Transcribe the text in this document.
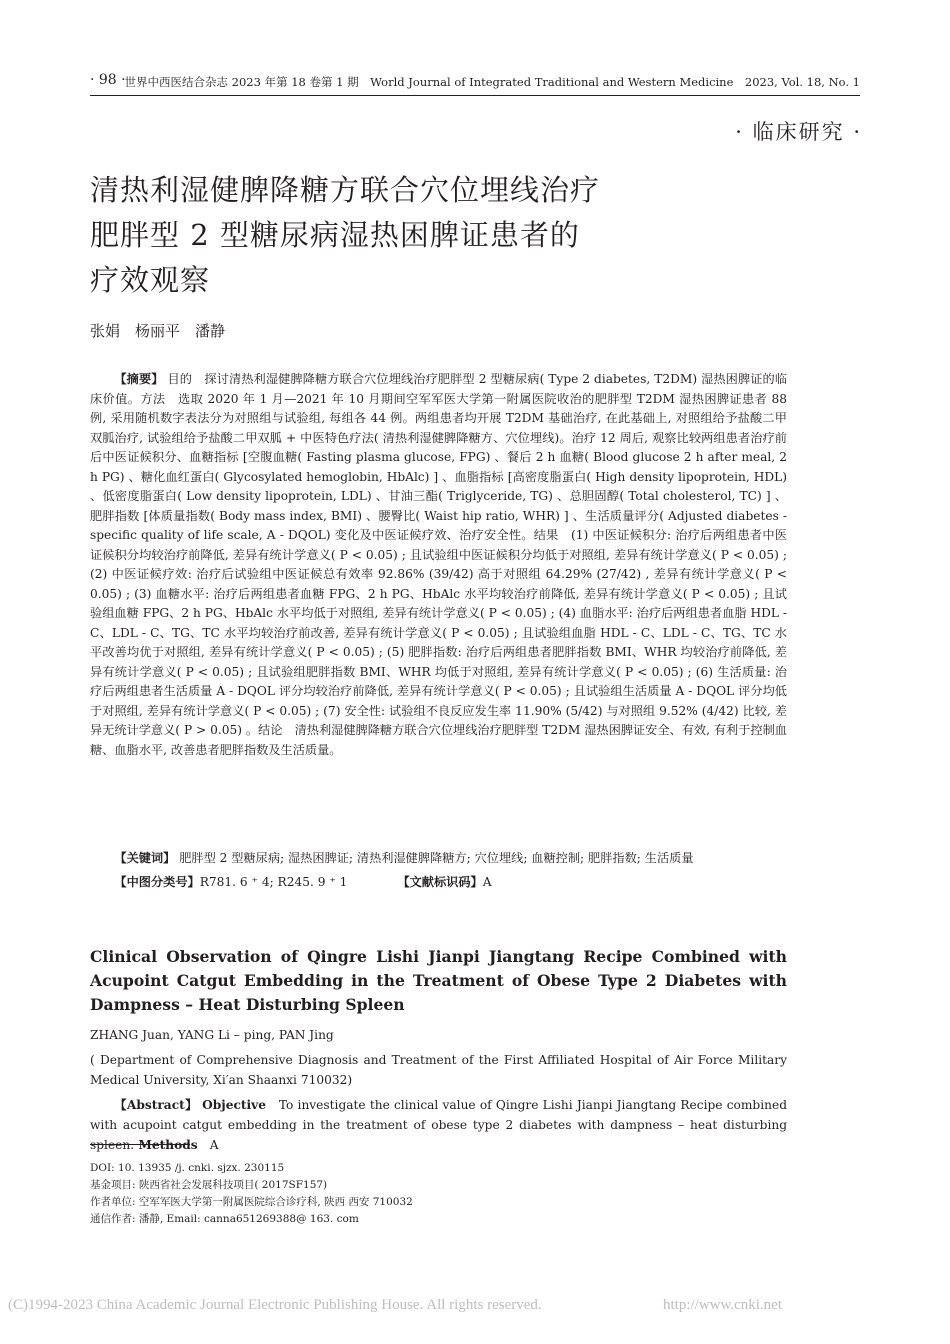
· 98 ·
世界中西医结合杂志 2023 年第 18 卷第 1 期　World Journal of Integrated Traditional and Western Medicine　2023, Vol. 18, No. 1
· 临床研究 ·
清热利湿健脾降糖方联合穴位埋线治疗
肥胖型 2 型糖尿病湿热困脾证患者的
疗效观察
张娟　杨丽平　潘静
【摘要】 目的　探讨清热利湿健脾降糖方联合穴位埋线治疗肥胖型 2 型糖尿病( Type 2 diabetes, T2DM) 湿热困脾证的临床价值。方法　选取 2020 年 1 月—2021 年 10 月期间空军军医大学第一附属医院收治的肥胖型 T2DM 湿热困脾证患者 88 例, 采用随机数字表法分为对照组与试验组, 每组各 44 例。两组患者均开展 T2DM 基础治疗, 在此基础上, 对照组给予盐酸二甲双胍治疗, 试验组给予盐酸二甲双胍 + 中医特色疗法( 清热利湿健脾降糖方、穴位埋线)。治疗 12 周后, 观察比较两组患者治疗前后中医证候积分、血糖指标 [空腹血糖( Fasting plasma glucose, FPG) 、餐后 2 h 血糖( Blood glucose 2 h after meal, 2 h PG) 、糖化血红蛋白( Glycosylated hemoglobin, HbAlc) ] 、血脂指标 [高密度脂蛋白( High density lipoprotein, HDL) 、低密度脂蛋白( Low density lipoprotein, LDL) 、甘油三酯( Triglyceride, TG) 、总胆固醇( Total cholesterol, TC) ] 、肥胖指数 [体质量指数( Body mass index, BMI) 、腰臀比( Waist hip ratio, WHR) ] 、生活质量评分( Adjusted diabetes - specific quality of life scale, A - DQOL) 变化及中医证候疗效、治疗安全性。结果　(1) 中医证候积分: 治疗后两组患者中医证候积分均较治疗前降低, 差异有统计学意义( P < 0.05) ; 且试验组中医证候积分均低于对照组, 差异有统计学意义( P < 0.05) ; (2) 中医证候疗效: 治疗后试验组中医证候总有效率 92.86% (39/42) 高于对照组 64.29% (27/42) , 差异有统计学意义( P < 0.05) ; (3) 血糖水平: 治疗后两组患者血糖 FPG、2 h PG、HbAlc 水平均较治疗前降低, 差异有统计学意义( P < 0.05) ; 且试验组血糖 FPG、2 h PG、HbAlc 水平均低于对照组, 差异有统计学意义( P < 0.05) ; (4) 血脂水平: 治疗后两组患者血脂 HDL - C、LDL - C、TG、TC 水平均较治疗前改善, 差异有统计学意义( P < 0.05) ; 且试验组血脂 HDL - C、LDL - C、TG、TC 水平改善均优于对照组, 差异有统计学意义( P < 0.05) ; (5) 肥胖指数: 治疗后两组患者肥胖指数 BMI、WHR 均较治疗前降低, 差异有统计学意义( P < 0.05) ; 且试验组肥胖指数 BMI、WHR 均低于对照组, 差异有统计学意义( P < 0.05) ; (6) 生活质量: 治疗后两组患者生活质量 A - DQOL 评分均较治疗前降低, 差异有统计学意义( P < 0.05) ; 且试验组生活质量 A - DQOL 评分均低于对照组, 差异有统计学意义( P < 0.05) ; (7) 安全性: 试验组不良反应发生率 11.90% (5/42) 与对照组 9.52% (4/42) 比较, 差异无统计学意义( P > 0.05) 。结论　清热利湿健脾降糖方联合穴位埋线治疗肥胖型 T2DM 湿热困脾证安全、有效, 有利于控制血糖、血脂水平, 改善患者肥胖指数及生活质量。
【关键词】 肥胖型 2 型糖尿病; 湿热困脾证; 清热利湿健脾降糖方; 穴位埋线; 血糖控制; 肥胖指数; 生活质量
【中图分类号】R781. 6 ⁺ 4; R245. 9 ⁺ 1	【文献标识码】A
Clinical Observation of Qingre Lishi Jianpi Jiangtang Recipe Combined with Acupoint Catgut Embedding in the Treatment of Obese Type 2 Diabetes with Dampness – Heat Disturbing Spleen
ZHANG Juan, YANG Li – ping, PAN Jing
( Department of Comprehensive Diagnosis and Treatment of the First Affiliated Hospital of Air Force Military Medical University, Xi′an Shaanxi 710032)
【Abstract】 Objective　To investigate the clinical value of Qingre Lishi Jianpi Jiangtang Recipe combined with acupoint catgut embedding in the treatment of obese type 2 diabetes with dampness – heat disturbing spleen. Methods　A
DOI: 10. 13935 /j. cnki. sjzx. 230115
基金项目: 陕西省社会发展科技项目( 2017SF157)
作者单位: 空军军医大学第一附属医院综合诊疗科, 陕西 西安 710032
通信作者: 潘静, Email: canna651269388@ 163. com
(C)1994-2023 China Academic Journal Electronic Publishing House. All rights reserved.	http://www.cnki.net
